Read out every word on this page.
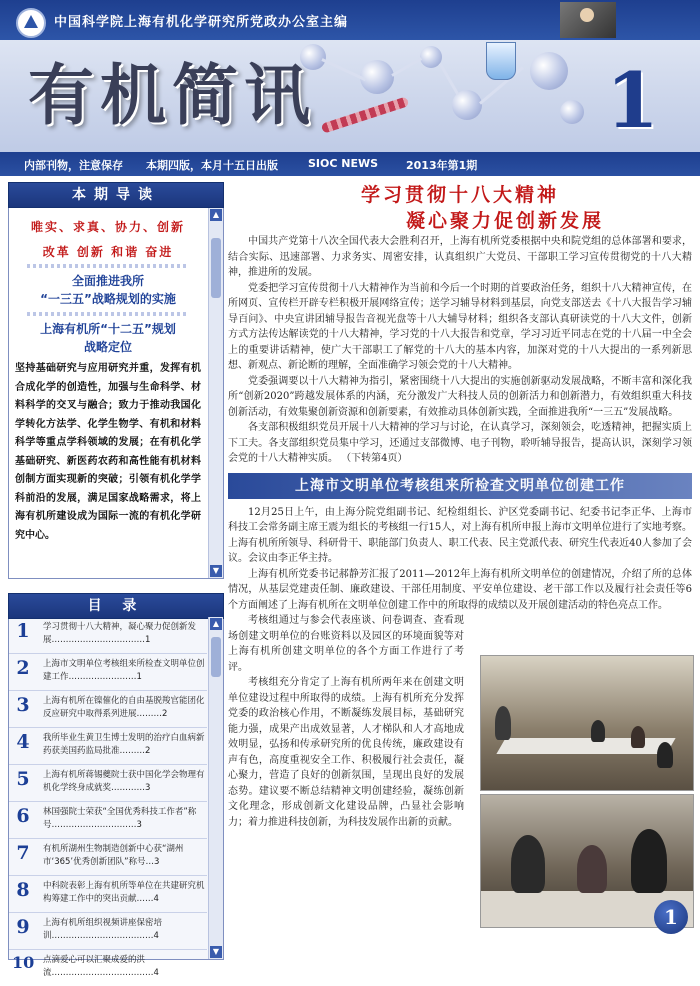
中国科学院上海有机化学研究所党政办公室主编
有机简讯	1
内部刊物，注意保存 本期四版，本月十五日出版	SIOC NEWS	2013年第1期
本期导读

唯实、求真、协力、创新

改革 创新 和谐 奋进

全面推进我所
“一三五”战略规划的实施
上海有机所“十二五”规划
战略定位
坚持基础研究与应用研究并重，发挥有机合成化学的创造性，加强与生命科学、材料科学的交叉与融合；致力于推动我国化学转化方法学、化学生物学、有机和材料科学等重点学科领域的发展；在有机化学基础研究、新医药农药和高性能有机材料创制方面实现新的突破；引领有机化学学科前沿的发展，满足国家战略需求，将上海有机所建设成为国际一流的有机化学研究中心。
▲
▼
目 录
1	学习贯彻十八大精神，凝心聚力促创新发展……………………………1
2	上海市文明单位考核组来所检查文明单位创建工作……………………1
3	上海有机所在镍催化的自由基脱羧官能团化反应研究中取得系列进展………2
4	我所毕业生黄卫生博士发明的治疗白血病新药获美国药监局批准………2
5	上海有机所蒋锡夔院士获中国化学会物理有机化学终身成就奖…………3
6	林国强院士荣获“全国优秀科技工作者”称号…………………………3
7	有机所湖州生物制造创新中心获“湖州市‘365’优秀创新团队”称号…3
8	中科院表彰上海有机所等单位在共建研究机构筹建工作中的突出贡献……4
9	上海有机所组织视频讲座保密培训………………………………4
10 点滴爱心可以汇聚成爱的洪流………………………………4
▲
▼
学习贯彻十八大精神
凝心聚力促创新发展

中国共产党第十八次全国代表大会胜利召开，上海有机所党委根据中央和院党组的总体部署和要求，结合实际、迅速部署、力求务实、周密安排，认真组织广大党员、干部职工学习宣传贯彻党的十八大精神，推进所的发展。

党委把学习宣传贯彻十八大精神作为当前和今后一个时期的首要政治任务，组织十八大精神宣传，在所网页、宣传栏开辟专栏积极开展网络宣传；送学习辅导材料到基层，向党支部送去《十八大报告学习辅导百问》、中央宣讲团辅导报告音视光盘等十八大辅导材料；组织各支部认真研读党的十八大文件，创新方式方法传达解读党的十八大精神，学习党的十八大报告和党章，学习习近平同志在党的十八届一中全会上的重要讲话精神，使广大干部职工了解党的十八大的基本内容，加深对党的十八大提出的一系列新思想、新观点、新论断的理解，全面准确学习领会党的十八大精神。

党委强调要以十八大精神为指引，紧密围绕十八大提出的实施创新驱动发展战略，不断丰富和深化我所“创新2020”跨越发展体系的内涵，充分激发广大科技人员的创新活力和创新潜力，有效组织重大科技创新活动，有效集聚创新资源和创新要素，有效推动具体创新实践，全面推进我所“一三五”发展战略。

各支部积极组织党员开展十八大精神的学习与讨论，在认真学习，深刻领会，吃透精神，把握实质上下工夫。各支部组织党员集中学习，还通过支部微博、电子刊物，聆听辅导报告，提高认识，深刻学习领会党的十八大精神实质。 （下转第4页）

上海市文明单位考核组来所检查文明单位创建工作

12月25日上午，由上海分院党组副书记、纪检组组长、沪区党委副书记、纪委书记李正华、上海市科技工会常务副主席王震为组长的考核组一行15人，对上海有机所申报上海市文明单位进行了实地考察。上海有机所所领导、科研骨干、职能部门负责人、职工代表、民主党派代表、研究生代表近40人参加了会议。会议由李正华主持。

上海有机所党委书记郝静芳汇报了2011—2012年上海有机所文明单位的创建情况，介绍了所的总体情况，从基层党建责任制、廉政建设、干部任用制度、平安单位建设、老干部工作以及履行社会责任等6个方面阐述了上海有机所在文明单位创建工作中的所取得的成绩以及开展创建活动的特色亮点工作。

考核组通过与参会代表座谈、问卷调查、查看现场创建文明单位的台账资料以及园区的环境面貌等对上海有机所创建文明单位的各个方面工作进行了考评。

考核组充分肯定了上海有机所两年来在创建文明单位建设过程中所取得的成绩。上海有机所充分发挥党委的政治核心作用，不断凝练发展目标，基础研究能力强，成果产出成效显著，人才梯队和人才高地成效明显，弘扬和传承研究所的优良传统，廉政建设有声有色，高度重视安全工作、积极履行社会责任，凝心聚力，营造了良好的创新氛围，呈现出良好的发展态势。建议要不断总结精神文明创建经验，凝练创新文化理念，形成创新文化建设品牌，凸显社会影响力；着力推进科技创新，为科技发展作出新的贡献。

1
